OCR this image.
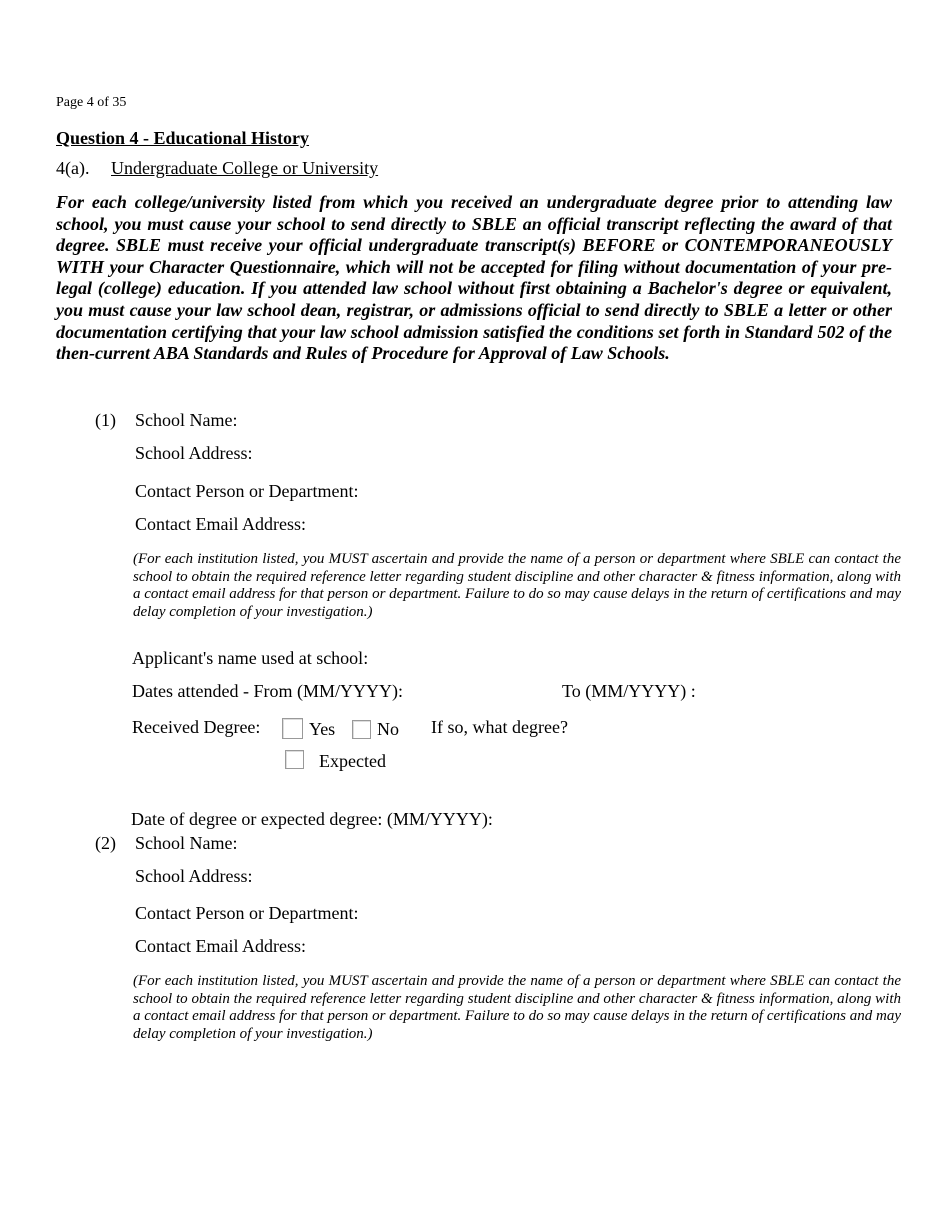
Page 4 of 35
Question 4 - Educational History
4(a). Undergraduate College or University
For each college/university listed from which you received an undergraduate degree prior to attending law school, you must cause your school to send directly to SBLE an official transcript reflecting the award of that degree. SBLE must receive your official undergraduate transcript(s) BEFORE or CONTEMPORANEOUSLY WITH your Character Questionnaire, which will not be accepted for filing without documentation of your pre-legal (college) education. If you attended law school without first obtaining a Bachelor's degree or equivalent, you must cause your law school dean, registrar, or admissions official to send directly to SBLE a letter or other documentation certifying that your law school admission satisfied the conditions set forth in Standard 502 of the then-current ABA Standards and Rules of Procedure for Approval of Law Schools.
(1) School Name:
School Address:
Contact Person or Department:
Contact Email Address:
(For each institution listed, you MUST ascertain and provide the name of a person or department where SBLE can contact the school to obtain the required reference letter regarding student discipline and other character & fitness information, along with a contact email address for that person or department. Failure to do so may cause delays in the return of certifications and may delay completion of your investigation.)
Applicant's name used at school:
Dates attended - From (MM/YYYY):	To (MM/YYYY) :
Received Degree:	Yes No If so, what degree?
Expected
Date of degree or expected degree: (MM/YYYY):
(2) School Name:
School Address:
Contact Person or Department:
Contact Email Address:
(For each institution listed, you MUST ascertain and provide the name of a person or department where SBLE can contact the school to obtain the required reference letter regarding student discipline and other character & fitness information, along with a contact email address for that person or department. Failure to do so may cause delays in the return of certifications and may delay completion of your investigation.)
